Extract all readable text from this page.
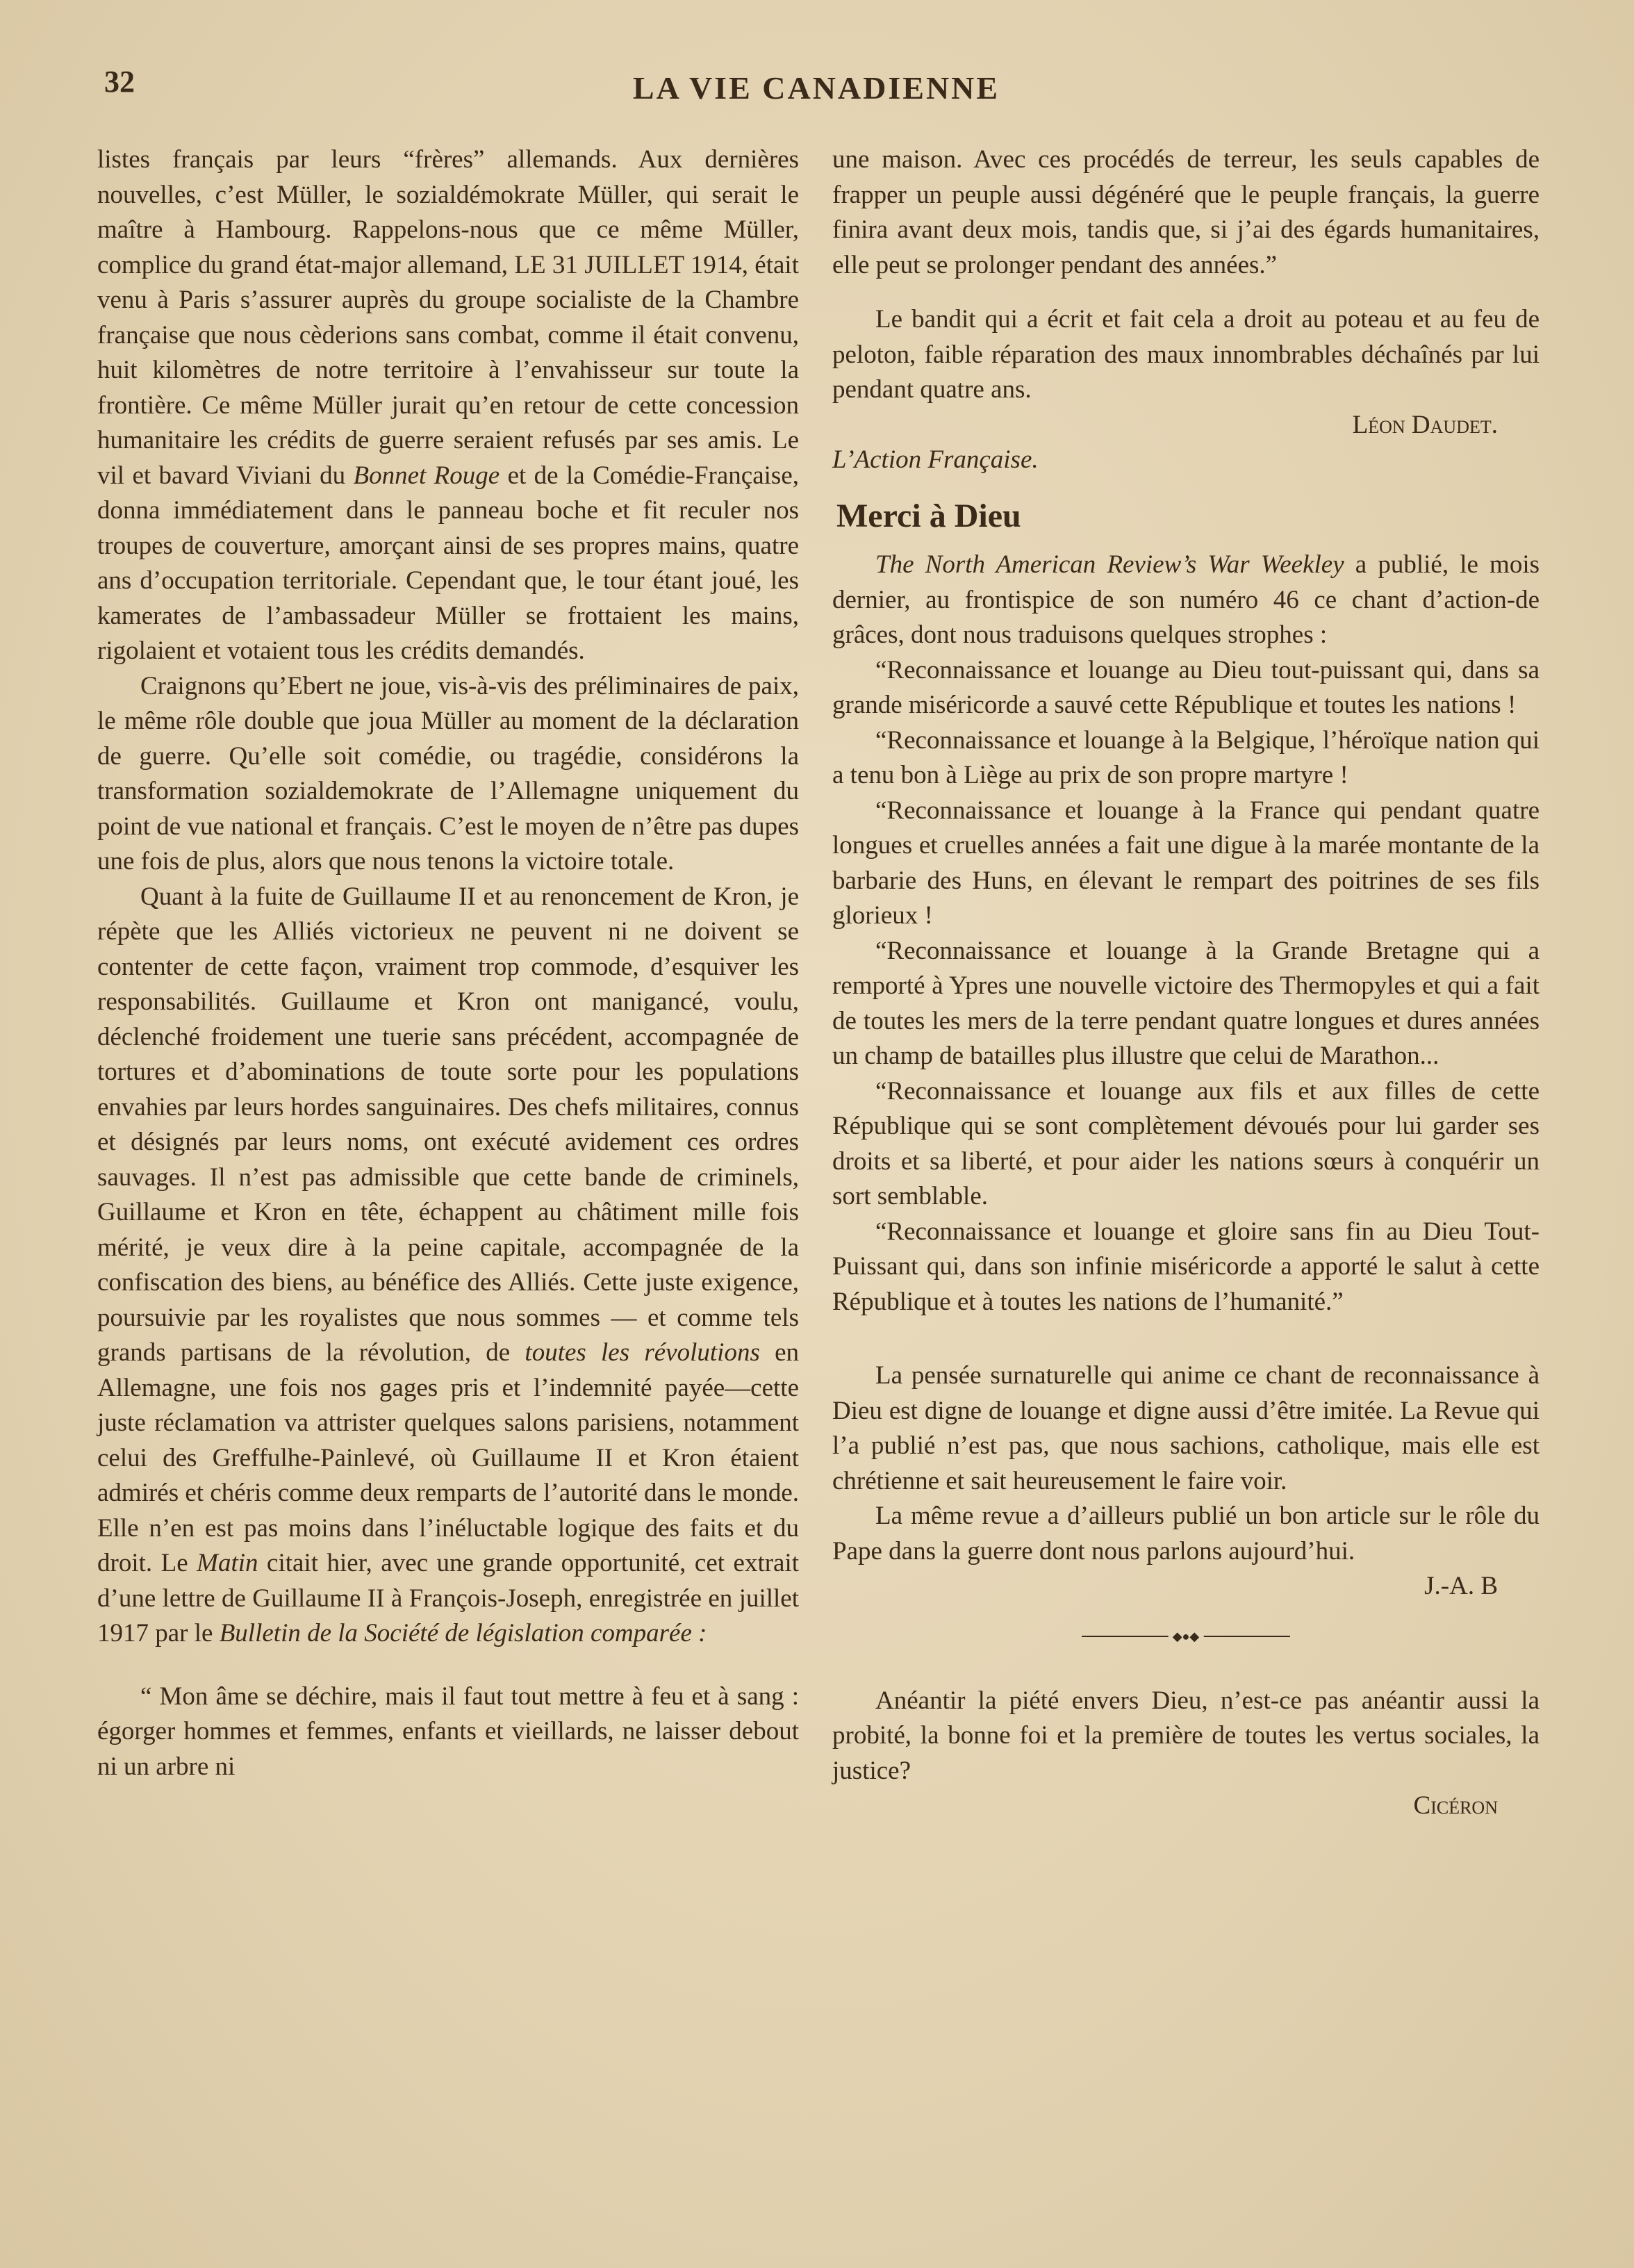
32	LA VIE CANADIENNE

listes français par leurs “frères” allemands. Aux dernières nouvelles, c’est Müller, le sozialdémokrate Müller, qui serait le maître à Hambourg. Rappelons-nous que ce même Müller, complice du grand état-major allemand, LE 31 JUILLET 1914, était venu à Paris s’assurer auprès du groupe socialiste de la Chambre française que nous cèderions sans combat, comme il était convenu, huit kilomètres de notre territoire à l’envahisseur sur toute la frontière. Ce même Müller jurait qu’en retour de cette concession humanitaire les crédits de guerre seraient refusés par ses amis. Le vil et bavard Viviani du Bonnet Rouge et de la Comédie-Française, donna immédiatement dans le panneau boche et fit reculer nos troupes de couverture, amorçant ainsi de ses propres mains, quatre ans d’occupation territoriale. Cependant que, le tour étant joué, les kamerates de l’ambassadeur Müller se frottaient les mains, rigolaient et votaient tous les crédits demandés.

Craignons qu’Ebert ne joue, vis-à-vis des préliminaires de paix, le même rôle double que joua Müller au moment de la déclaration de guerre. Qu’elle soit comédie, ou tragédie, considérons la transformation sozialdemokrate de l’Allemagne uniquement du point de vue national et français. C’est le moyen de n’être pas dupes une fois de plus, alors que nous tenons la victoire totale.

Quant à la fuite de Guillaume II et au renoncement de Kron, je répète que les Alliés victorieux ne peuvent ni ne doivent se contenter de cette façon, vraiment trop commode, d’esquiver les responsabilités. Guillaume et Kron ont manigancé, voulu, déclenché froidement une tuerie sans précédent, accompagnée de tortures et d’abominations de toute sorte pour les populations envahies par leurs hordes sanguinaires. Des chefs militaires, connus et désignés par leurs noms, ont exécuté avidement ces ordres sauvages. Il n’est pas admissible que cette bande de criminels, Guillaume et Kron en tête, échappent au châtiment mille fois mérité, je veux dire à la peine capitale, accompagnée de la confiscation des biens, au bénéfice des Alliés. Cette juste exigence, poursuivie par les royalistes que nous sommes — et comme tels grands partisans de la révolution, de toutes les révolutions en Allemagne, une fois nos gages pris et l’indemnité payée—cette juste réclamation va attrister quelques salons parisiens, notamment celui des Greffulhe-Painlevé, où Guillaume II et Kron étaient admirés et chéris comme deux remparts de l’autorité dans le monde. Elle n’en est pas moins dans l’inéluctable logique des faits et du droit. Le Matin citait hier, avec une grande opportunité, cet extrait d’une lettre de Guillaume II à François-Joseph, enregistrée en juillet 1917 par le Bulletin de la Société de législation comparée :

“ Mon âme se déchire, mais il faut tout mettre à feu et à sang : égorger hommes et femmes, enfants et vieillards, ne laisser debout ni un arbre ni

une maison. Avec ces procédés de terreur, les seuls capables de frapper un peuple aussi dégénéré que le peuple français, la guerre finira avant deux mois, tandis que, si j’ai des égards humanitaires, elle peut se prolonger pendant des années.”

Le bandit qui a écrit et fait cela a droit au poteau et au feu de peloton, faible réparation des maux innombrables déchaînés par lui pendant quatre ans.

Léon Daudet.

L’Action Française.

Merci à Dieu

The North American Review’s War Weekley a publié, le mois dernier, au frontispice de son numéro 46 ce chant d’action-de grâces, dont nous traduisons quelques strophes :

“Reconnaissance et louange au Dieu tout-puissant qui, dans sa grande miséricorde a sauvé cette République et toutes les nations !

“Reconnaissance et louange à la Belgique, l’héroïque nation qui a tenu bon à Liège au prix de son propre martyre !

“Reconnaissance et louange à la France qui pendant quatre longues et cruelles années a fait une digue à la marée montante de la barbarie des Huns, en élevant le rempart des poitrines de ses fils glorieux !

“Reconnaissance et louange à la Grande Bretagne qui a remporté à Ypres une nouvelle victoire des Thermopyles et qui a fait de toutes les mers de la terre pendant quatre longues et dures années un champ de batailles plus illustre que celui de Marathon...

“Reconnaissance et louange aux fils et aux filles de cette République qui se sont complètement dévoués pour lui garder ses droits et sa liberté, et pour aider les nations sœurs à conquérir un sort semblable.

“Reconnaissance et louange et gloire sans fin au Dieu Tout-Puissant qui, dans son infinie miséricorde a apporté le salut à cette République et à toutes les nations de l’humanité.”

La pensée surnaturelle qui anime ce chant de reconnaissance à Dieu est digne de louange et digne aussi d’être imitée. La Revue qui l’a publié n’est pas, que nous sachions, catholique, mais elle est chrétienne et sait heureusement le faire voir.

La même revue a d’ailleurs publié un bon article sur le rôle du Pape dans la guerre dont nous parlons aujourd’hui.

J.-A. B

◆●◆

Anéantir la piété envers Dieu, n’est-ce pas anéantir aussi la probité, la bonne foi et la première de toutes les vertus sociales, la justice?

Cicéron
